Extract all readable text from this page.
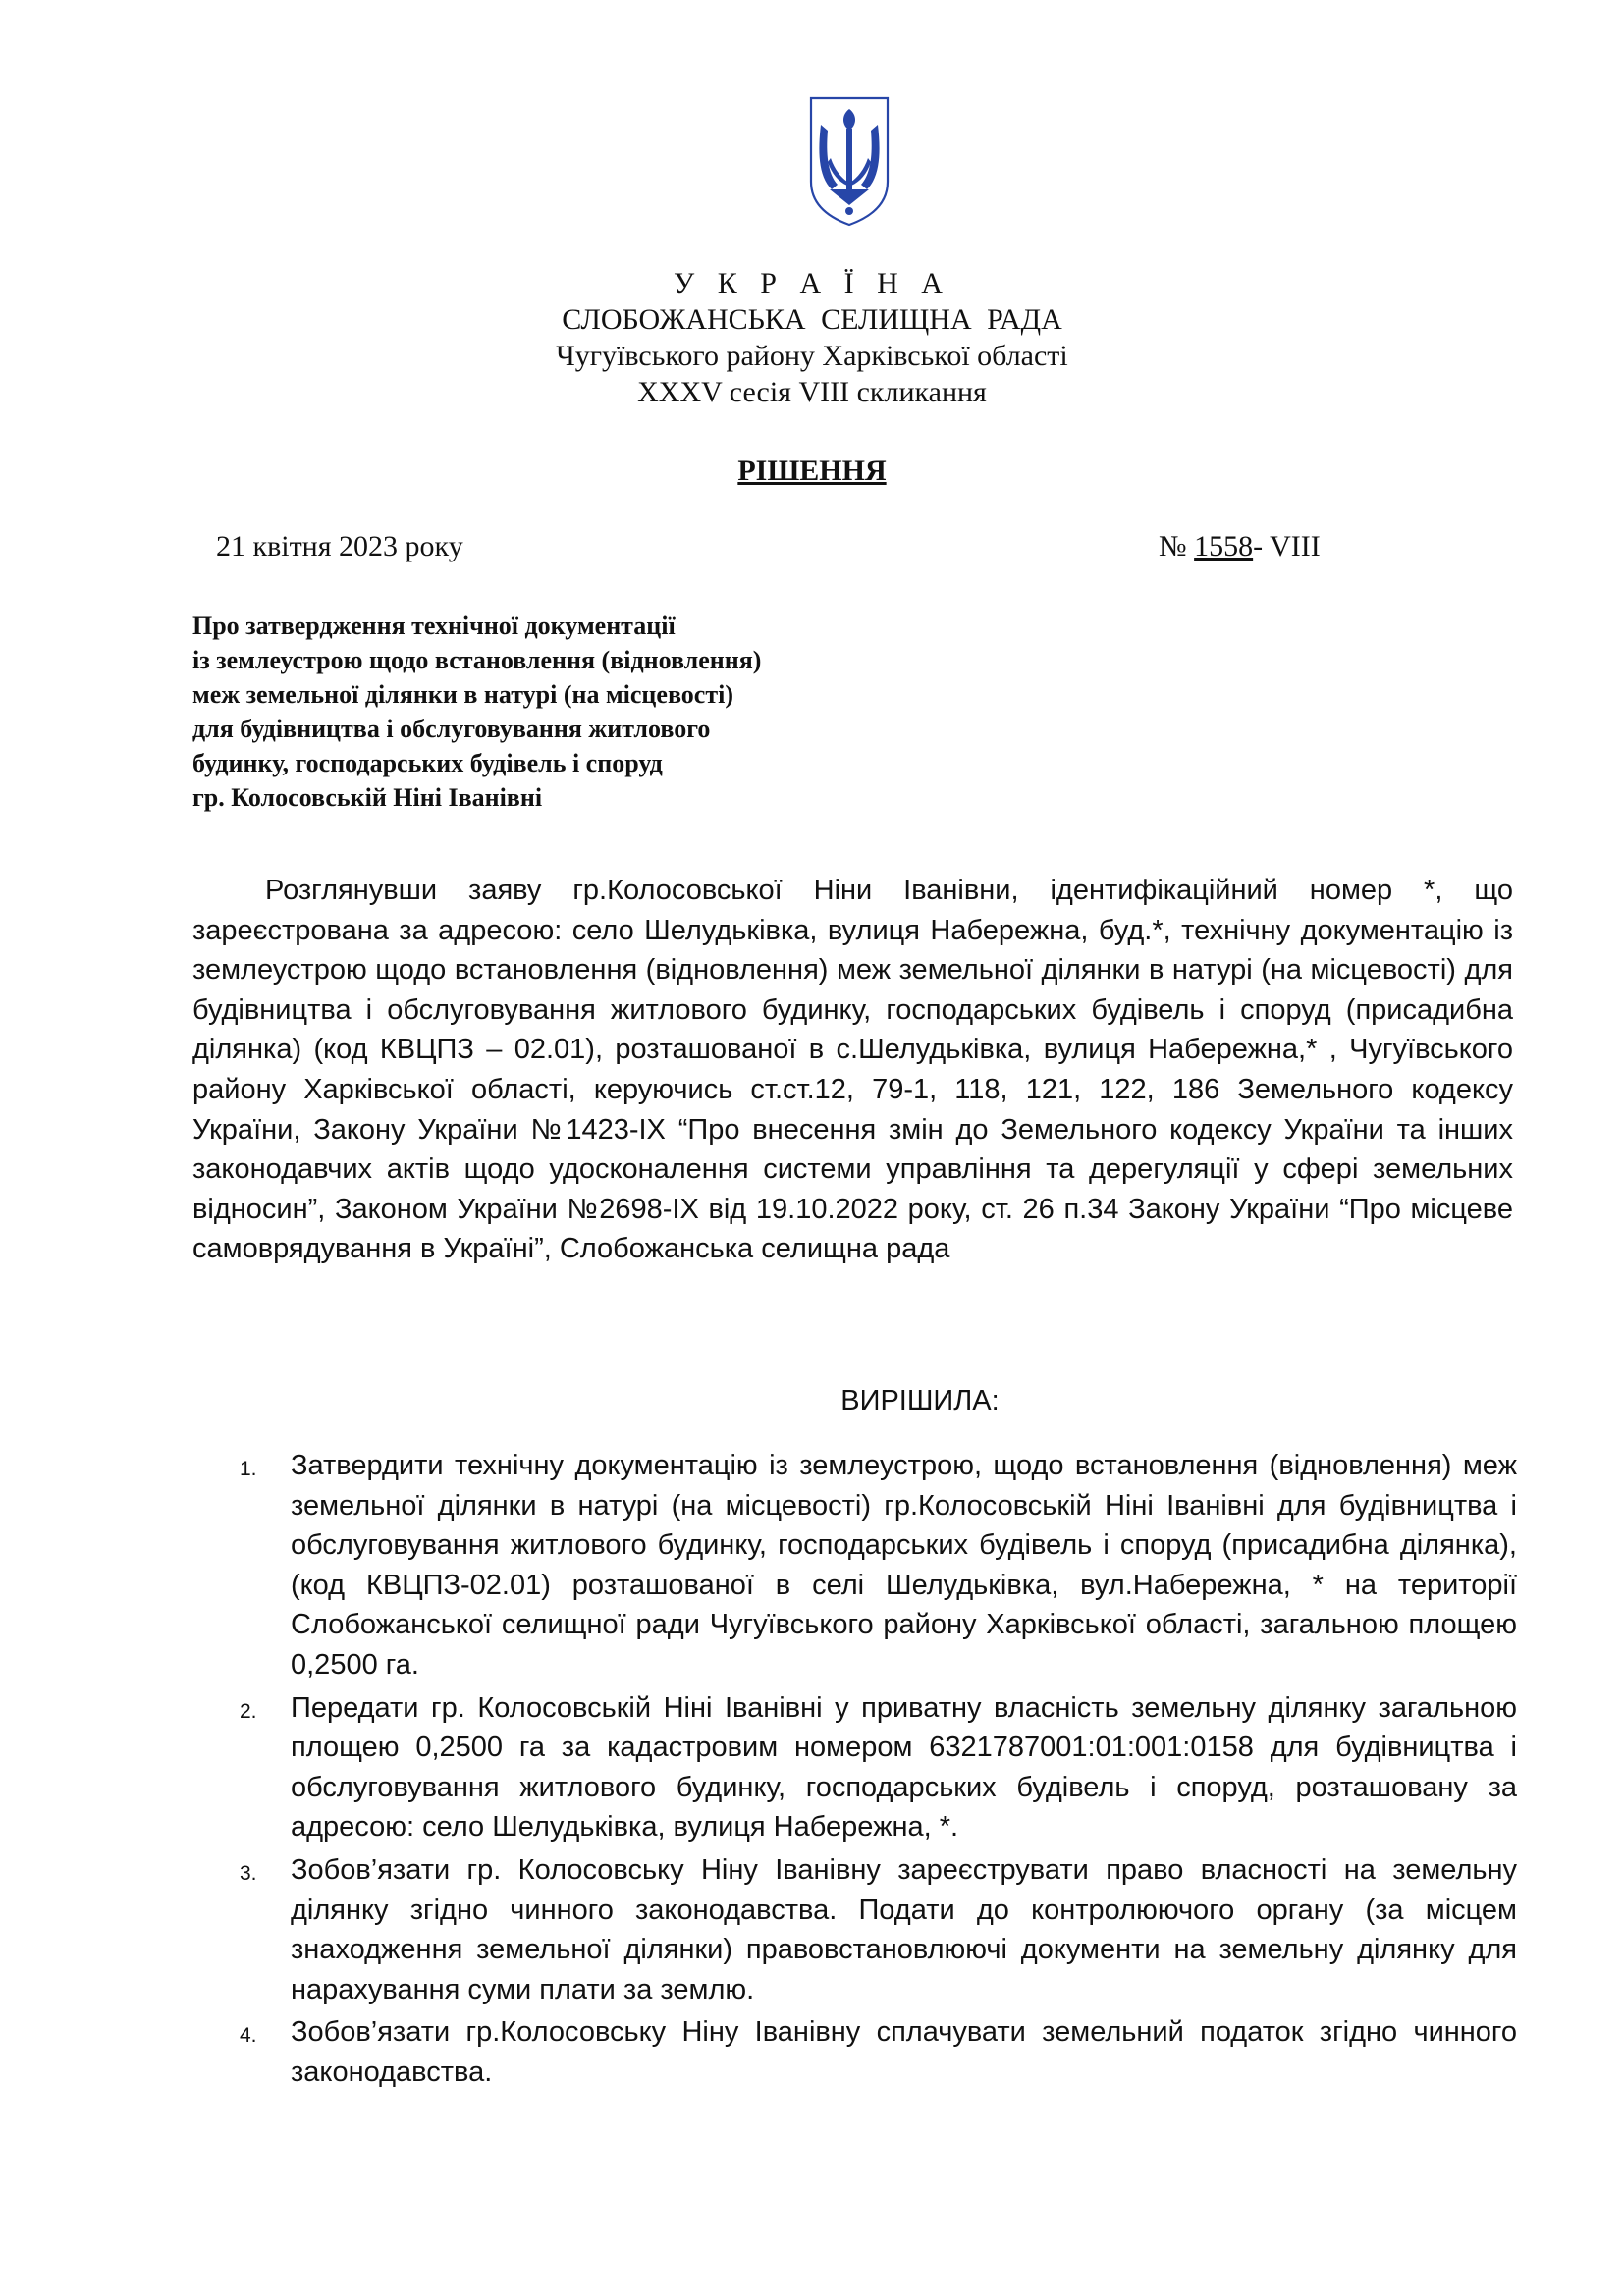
У К Р А Ї Н А
СЛОБОЖАНСЬКА СЕЛИЩНА РАДА
Чугуївського району Харківської області
XXXV сесія VIII скликання
РІШЕННЯ
21 квітня 2023 року	№ 1558- VIII
Про затвердження технічної документації
із землеустрою щодо встановлення (відновлення)
меж земельної ділянки в натурі (на місцевості)
для будівництва і обслуговування житлового
будинку, господарських будівель і споруд
гр. Колосовській Ніні Іванівні

Розглянувши заяву гр.Колосовської Ніни Іванівни, ідентифікаційний номер *, що зареєстрована за адресою: село Шелудьківка, вулиця Набережна, буд.*, технічну документацію із землеустрою щодо встановлення (відновлення) меж земельної ділянки в натурі (на місцевості) для будівництва і обслуговування житлового будинку, господарських будівель і споруд (присадибна ділянка) (код КВЦПЗ – 02.01), розташованої в с.Шелудьківка, вулиця Набережна,* , Чугуївського району Харківської області, керуючись ст.ст.12, 79-1, 118, 121, 122, 186 Земельного кодексу України, Закону України №1423-ІХ “Про внесення змін до Земельного кодексу України та інших законодавчих актів щодо удосконалення системи управління та дерегуляції у сфері земельних відносин”, Законом України №2698-ІХ від 19.10.2022 року, ст. 26 п.34 Закону України “Про місцеве самоврядування в Україні”, Слобожанська селищна рада

ВИРІШИЛА:
1. Затвердити технічну документацію із землеустрою, щодо встановлення (відновлення) меж земельної ділянки в натурі (на місцевості) гр.Колосовській Ніні Іванівні для будівництва і обслуговування житлового будинку, господарських будівель і споруд (присадибна ділянка), (код КВЦПЗ-02.01) розташованої в селі Шелудьківка, вул.Набережна, * на території Слобожанської селищної ради Чугуївського району Харківської області, загальною площею 0,2500 га.
2. Передати гр. Колосовській Ніні Іванівні у приватну власність земельну ділянку загальною площею 0,2500 га за кадастровим номером 6321787001:01:001:0158 для будівництва і обслуговування житлового будинку, господарських будівель і споруд, розташовану за адресою: село Шелудьківка, вулиця Набережна, *.
3. Зобов’язати гр. Колосовську Ніну Іванівну зареєструвати право власності на земельну ділянку згідно чинного законодавства. Подати до контролюючого органу (за місцем знаходження земельної ділянки) правовстановлюючі документи на земельну ділянку для нарахування суми плати за землю.
4. Зобов’язати гр.Колосовську Ніну Іванівну сплачувати земельний податок згідно чинного законодавства.
